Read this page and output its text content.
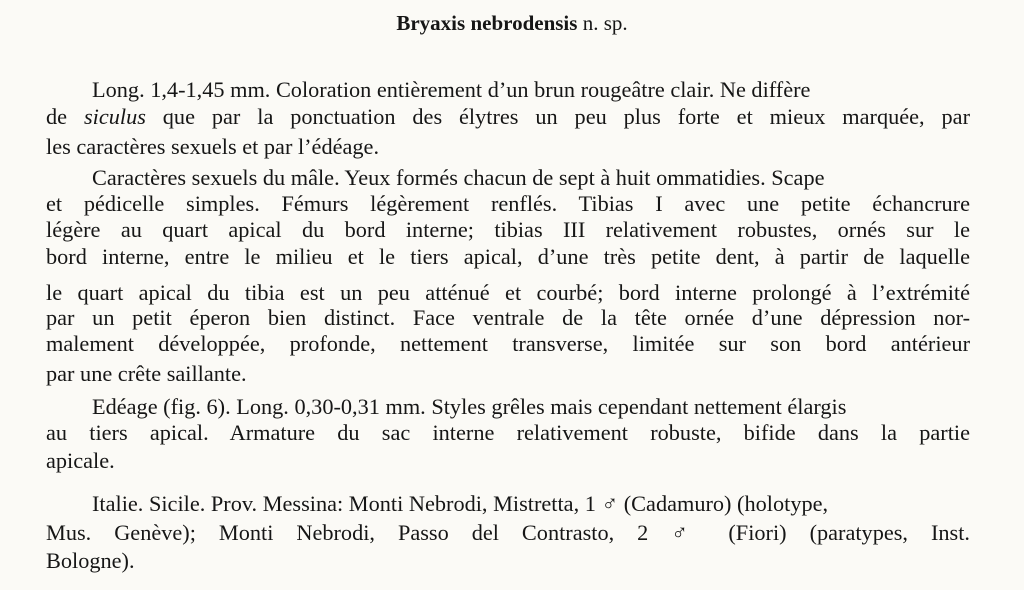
Bryaxis nebrodensis n. sp.
Long. 1,4-1,45 mm. Coloration entièrement d’un brun rougeâtre clair. Ne diffère
de siculus que par la ponctuation des élytres un peu plus forte et mieux marquée, par
les caractères sexuels et par l’édéage.
Caractères sexuels du mâle. Yeux formés chacun de sept à huit ommatidies. Scape
et pédicelle simples. Fémurs légèrement renflés. Tibias I avec une petite échancrure
légère au quart apical du bord interne; tibias III relativement robustes, ornés sur le
bord interne, entre le milieu et le tiers apical, d’une très petite dent, à partir de laquelle
le quart apical du tibia est un peu atténué et courbé; bord interne prolongé à l’extrémité
par un petit éperon bien distinct. Face ventrale de la tête ornée d’une dépression nor-
malement développée, profonde, nettement transverse, limitée sur son bord antérieur
par une crête saillante.
Edéage (fig. 6). Long. 0,30-0,31 mm. Styles grêles mais cependant nettement élargis
au tiers apical. Armature du sac interne relativement robuste, bifide dans la partie
apicale.
Italie. Sicile. Prov. Messina: Monti Nebrodi, Mistretta, 1 ♂ (Cadamuro) (holotype,
Mus. Genève); Monti Nebrodi, Passo del Contrasto, 2 ♂ (Fiori) (paratypes, Inst.
Bologne).
